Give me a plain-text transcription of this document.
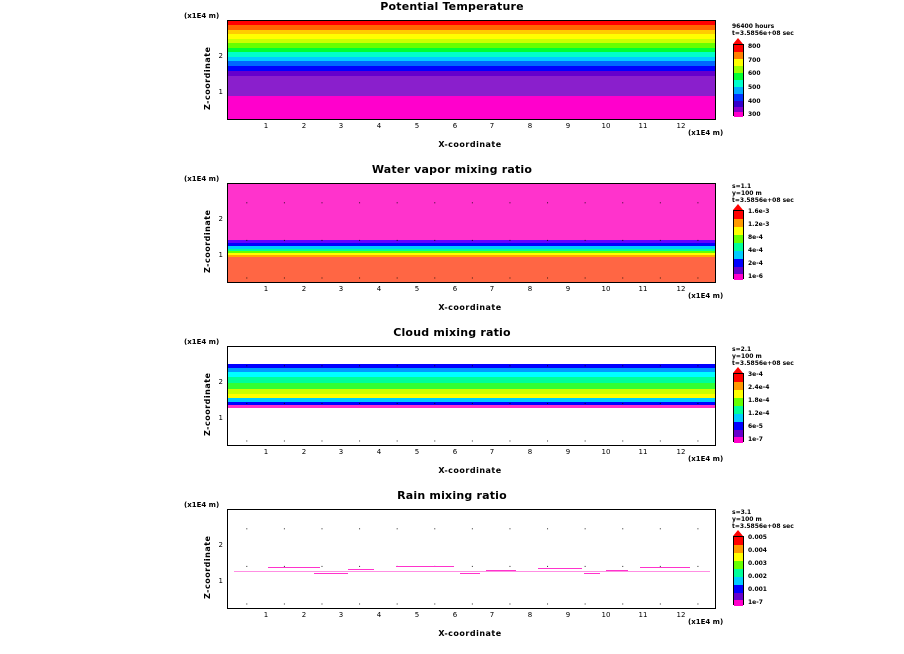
Potential Temperature
(x1E4 m)
Z-coordinate 2
1
1	2	3	4	5	6	7	8	9	10	11	12
(x1E4 m)
X-coordinate
96400 hours
t=3.5856e+08 sec
800
700
600
500
400
300
Water vapor mixing ratio
(x1E4 m)
Z-coordinate 2
1
1	2	3	4	5	6	7	8	9	10	11	12
(x1E4 m)
X-coordinate
s=1.1
y=100 m
t=3.5856e+08 sec
1.6e-3
1.2e-3
8e-4
4e-4
2e-4
1e-6
Cloud mixing ratio
(x1E4 m)
Z-coordinate 2
1
1	2	3	4	5	6	7	8	9	10	11	12
(x1E4 m)
X-coordinate
s=2.1
y=100 m
t=3.5856e+08 sec
3e-4
2.4e-4
1.8e-4
1.2e-4
6e-5
1e-7
Rain mixing ratio
(x1E4 m)
Z-coordinate 2
1
1	2	3	4	5	6	7	8	9	10	11	12
(x1E4 m)
X-coordinate
s=3.1
y=100 m
t=3.5856e+08 sec
0.005
0.004
0.003
0.002
0.001
1e-7
